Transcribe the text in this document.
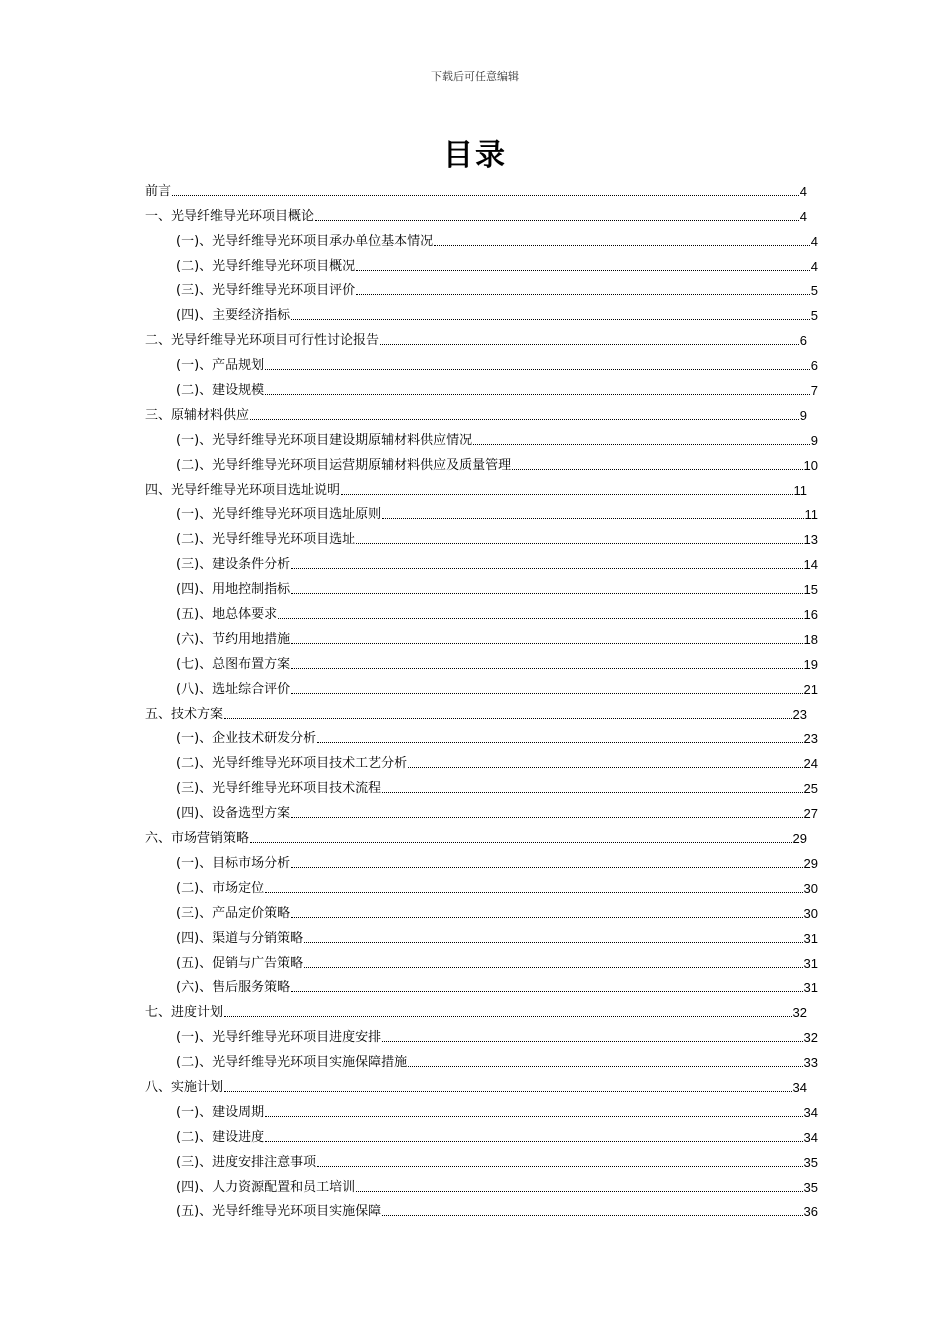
下载后可任意编辑
目录
前言	4
一、光导纤维导光环项目概论	4
(一)、光导纤维导光环项目承办单位基本情况	4
(二)、光导纤维导光环项目概况	4
(三)、光导纤维导光环项目评价	5
(四)、主要经济指标	5
二、光导纤维导光环项目可行性讨论报告	6
(一)、产品规划	6
(二)、建设规模	7
三、原辅材料供应	9
(一)、光导纤维导光环项目建设期原辅材料供应情况	9
(二)、光导纤维导光环项目运营期原辅材料供应及质量管理	10
四、光导纤维导光环项目选址说明	11
(一)、光导纤维导光环项目选址原则	11
(二)、光导纤维导光环项目选址	13
(三)、建设条件分析	14
(四)、用地控制指标	15
(五)、地总体要求	16
(六)、节约用地措施	18
(七)、总图布置方案	19
(八)、选址综合评价	21
五、技术方案	23
(一)、企业技术研发分析	23
(二)、光导纤维导光环项目技术工艺分析	24
(三)、光导纤维导光环项目技术流程	25
(四)、设备选型方案	27
六、市场营销策略	29
(一)、目标市场分析	29
(二)、市场定位	30
(三)、产品定价策略	30
(四)、渠道与分销策略	31
(五)、促销与广告策略	31
(六)、售后服务策略	31
七、进度计划	32
(一)、光导纤维导光环项目进度安排	32
(二)、光导纤维导光环项目实施保障措施	33
八、实施计划	34
(一)、建设周期	34
(二)、建设进度	34
(三)、进度安排注意事项	35
(四)、人力资源配置和员工培训	35
(五)、光导纤维导光环项目实施保障	36
